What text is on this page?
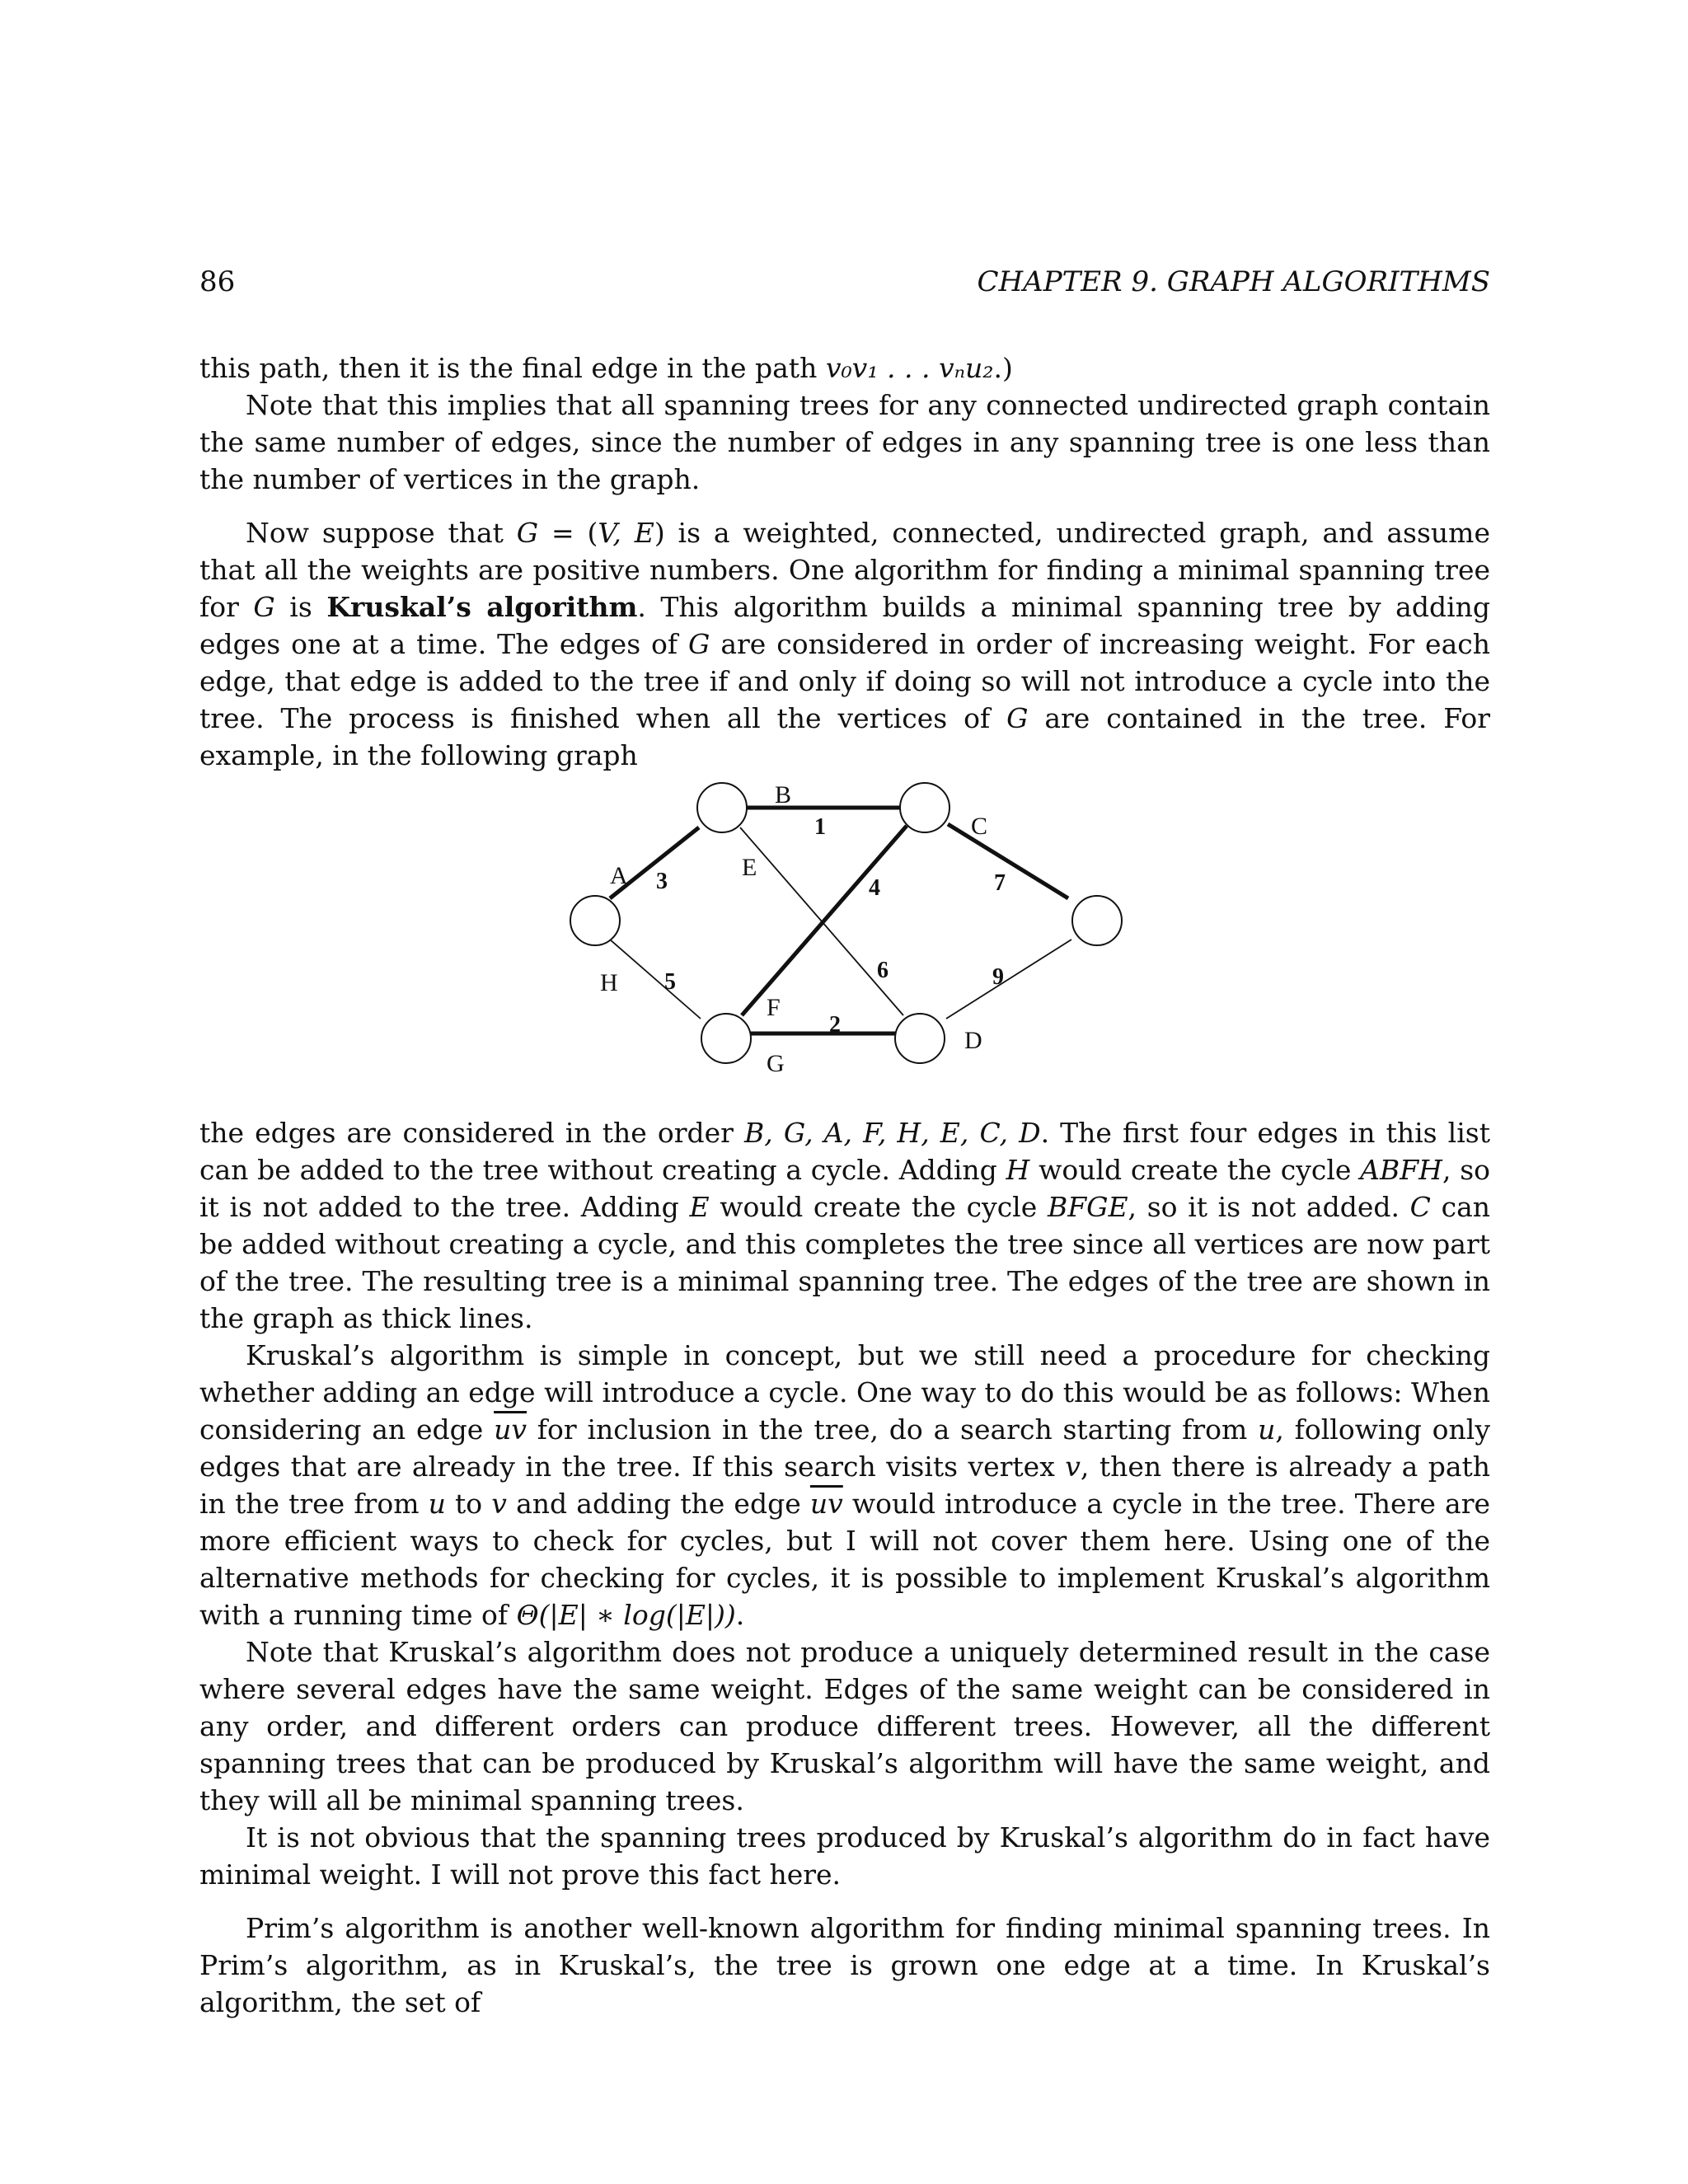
86	CHAPTER 9. GRAPH ALGORITHMS

this path, then it is the final edge in the path v₀v₁ . . . vₙu₂.)

Note that this implies that all spanning trees for any connected undirected graph contain the same number of edges, since the number of edges in any spanning tree is one less than the number of vertices in the graph.

Now suppose that G = (V, E) is a weighted, connected, undirected graph, and assume that all the weights are positive numbers. One algorithm for finding a minimal spanning tree for G is Kruskal’s algorithm. This algorithm builds a minimal spanning tree by adding edges one at a time. The edges of G are considered in order of increasing weight. For each edge, that edge is added to the tree if and only if doing so will not introduce a cycle into the tree. The process is finished when all the vertices of G are contained in the tree. For example, in the following graph

B
C
A	E
H
F
D
G
1
3	4	7
6	9
5
2

the edges are considered in the order B, G, A, F, H, E, C, D. The first four edges in this list can be added to the tree without creating a cycle. Adding H would create the cycle ABFH, so it is not added to the tree. Adding E would create the cycle BFGE, so it is not added. C can be added without creating a cycle, and this completes the tree since all vertices are now part of the tree. The resulting tree is a minimal spanning tree. The edges of the tree are shown in the graph as thick lines.

Kruskal’s algorithm is simple in concept, but we still need a procedure for checking whether adding an edge will introduce a cycle. One way to do this would be as follows: When considering an edge $\overline{uv}$ for inclusion in the tree, do a search starting from u, following only edges that are already in the tree. If this search visits vertex v, then there is already a path in the tree from u to v and adding the edge $\overline{uv}$ would introduce a cycle in the tree. There are more efficient ways to check for cycles, but I will not cover them here. Using one of the alternative methods for checking for cycles, it is possible to implement Kruskal’s algorithm with a running time of Θ(|E| ∗ log(|E|)).

Note that Kruskal’s algorithm does not produce a uniquely determined result in the case where several edges have the same weight. Edges of the same weight can be considered in any order, and different orders can produce different trees. However, all the different spanning trees that can be produced by Kruskal’s algorithm will have the same weight, and they will all be minimal spanning trees.

It is not obvious that the spanning trees produced by Kruskal’s algorithm do in fact have minimal weight. I will not prove this fact here.

Prim’s algorithm is another well-known algorithm for finding minimal spanning trees. In Prim’s algorithm, as in Kruskal’s, the tree is grown one edge at a time. In Kruskal’s algorithm, the set of
